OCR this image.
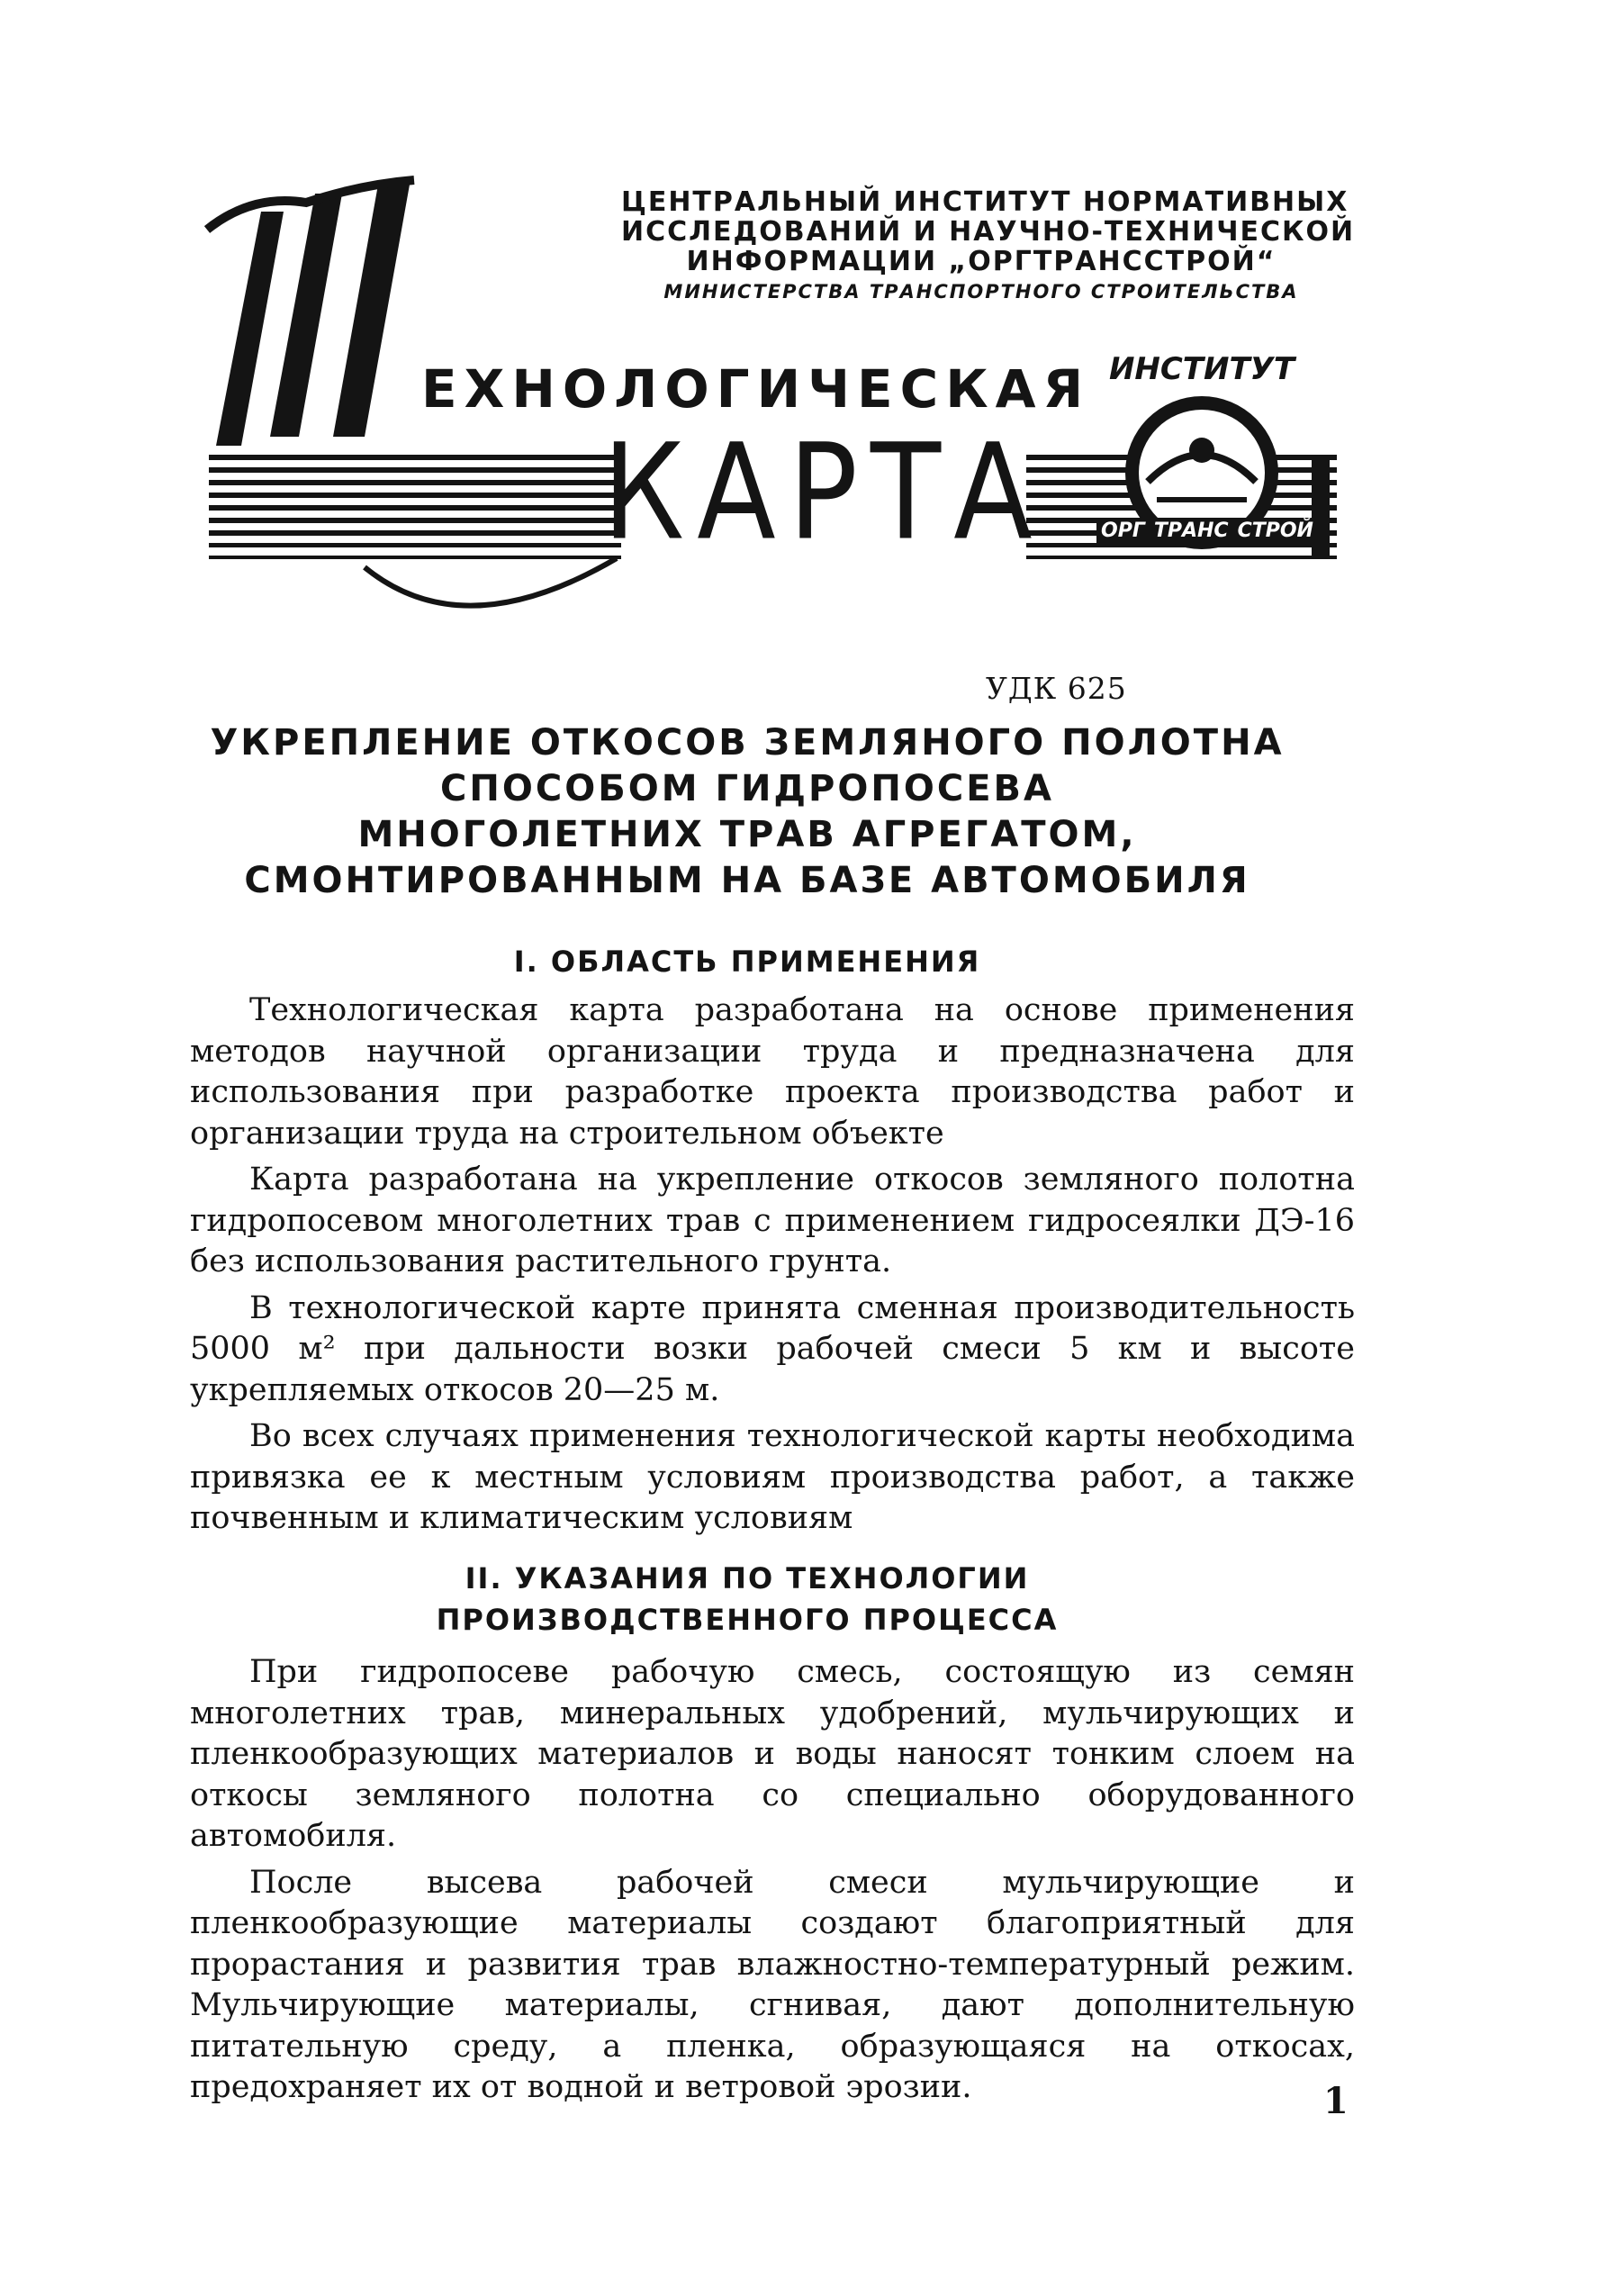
ЦЕНТРАЛЬНЫЙ ИНСТИТУТ НОРМАТИВНЫХ
ИССЛЕДОВАНИЙ И НАУЧНО-ТЕХНИЧЕСКОЙ
ИНФОРМАЦИИ „ОРГТРАНССТРОЙ“
МИНИСТЕРСТВА ТРАНСПОРТНОГО СТРОИТЕЛЬСТВА
ЕХНОЛОГИЧЕСКАЯ
КАРТА
ИНСТИТУТ
ОРГ ТРАНС СТРОЙ
УДК 625
УКРЕПЛЕНИЕ ОТКОСОВ ЗЕМЛЯНОГО ПОЛОТНА
СПОСОБОМ ГИДРОПОСЕВА
МНОГОЛЕТНИХ ТРАВ АГРЕГАТОМ,
СМОНТИРОВАННЫМ НА БАЗЕ АВТОМОБИЛЯ
I. ОБЛАСТЬ ПРИМЕНЕНИЯ

Технологическая карта разработана на основе применения методов научной организации труда и предназначена для использования при разработке проекта производства работ и организации труда на строительном объекте

Карта разработана на укрепление откосов земляного полотна гидропосевом многолетних трав с применением гидросеялки ДЭ-16 без использования растительного грунта.

В технологической карте принята сменная производительность 5000 м² при дальности возки рабочей смеси 5 км и высоте укрепляемых откосов 20—25 м.

Во всех случаях применения технологической карты необходима привязка ее к местным условиям производства работ, а также почвенным и климатическим условиям

II. УКАЗАНИЯ ПО ТЕХНОЛОГИИ
ПРОИЗВОДСТВЕННОГО ПРОЦЕССА

При гидропосеве рабочую смесь, состоящую из семян многолетних трав, минеральных удобрений, мульчирующих и пленкообразующих материалов и воды наносят тонким слоем на откосы земляного полотна со специально оборудованного автомобиля.

После высева рабочей смеси мульчирующие и пленкообразующие материалы создают благоприятный для прорастания и развития трав влажностно-температурный режим. Мульчирующие материалы, сгнивая, дают дополнительную питательную среду, а пленка, образующаяся на откосах, предохраняет их от водной и ветровой эрозии.	1
